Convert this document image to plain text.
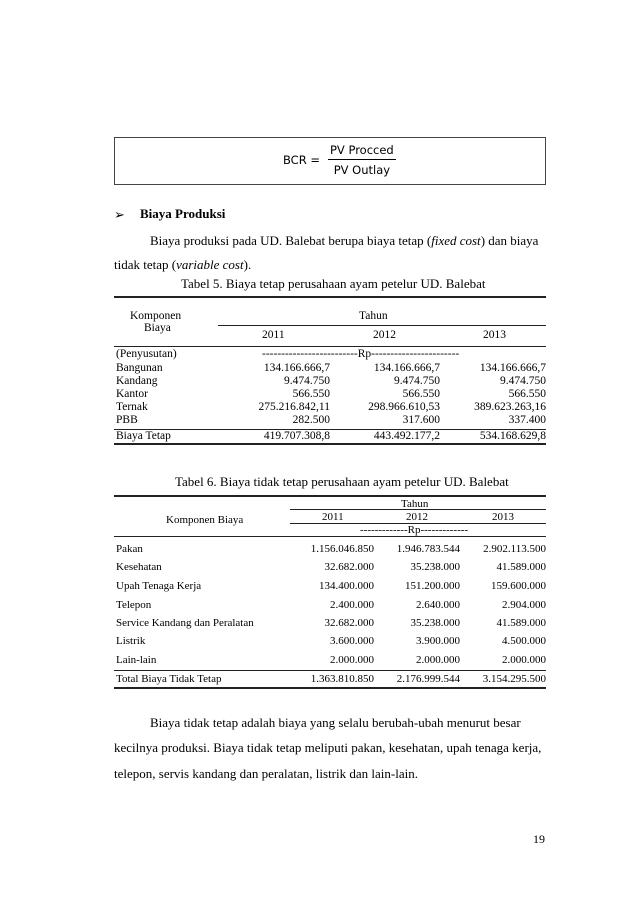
BCR = $\frac{\text{PV Procced}}{\text{PV Outlay}}$
➢ Biaya Produksi
Biaya produksi pada UD. Balebat berupa biaya tetap (fixed cost) dan biaya
tidak tetap (variable cost).
Tabel 5. Biaya tetap perusahaan ayam petelur UD. Balebat
Komponen
Biaya
Tahun
2011	2012	2013
(Penyusutan)	-------------------------Rp-----------------------
Bangunan	134.166.666,7	134.166.666,7	134.166.666,7
Kandang	9.474.750	9.474.750	9.474.750
Kantor	566.550	566.550	566.550
Ternak	275.216.842,11	298.966.610,53	389.623.263,16
PBB	282.500	317.600	337.400
Biaya Tetap	419.707.308,8	443.492.177,2	534.168.629,8
Tabel 6. Biaya tidak tetap perusahaan ayam petelur UD. Balebat
Komponen Biaya
Tahun
2011	2012	2013
-------------Rp-------------
Pakan	1.156.046.850	1.946.783.544	2.902.113.500
Kesehatan	32.682.000	35.238.000	41.589.000
Upah Tenaga Kerja	134.400.000	151.200.000	159.600.000
Telepon	2.400.000	2.640.000	2.904.000
Service Kandang dan Peralatan	32.682.000	35.238.000	41.589.000
Listrik	3.600.000	3.900.000	4.500.000
Lain-lain	2.000.000	2.000.000	2.000.000
Total Biaya Tidak Tetap	1.363.810.850	2.176.999.544	3.154.295.500
Biaya tidak tetap adalah biaya yang selalu berubah-ubah menurut besar
kecilnya produksi. Biaya tidak tetap meliputi pakan, kesehatan, upah tenaga kerja,
telepon, servis kandang dan peralatan, listrik dan lain-lain.
19
